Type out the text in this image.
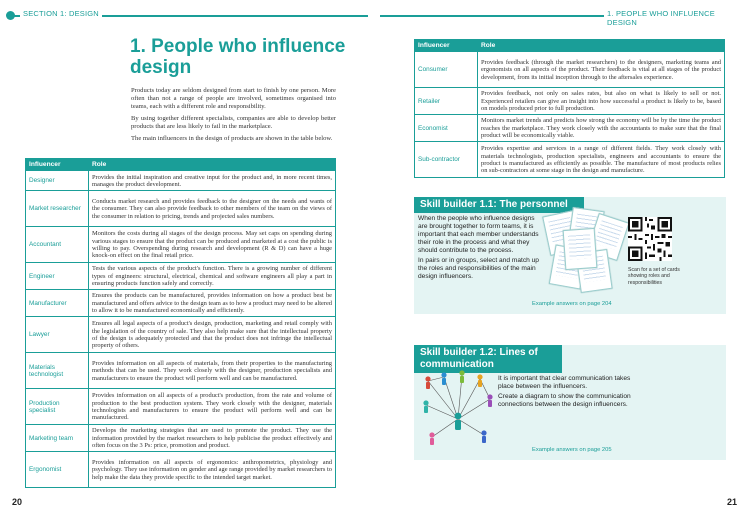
SECTION 1: DESIGN	1. PEOPLE WHO INFLUENCE DESIGN
1. People who influence design

Products today are seldom designed from start to finish by one person. More often than not a range of people are involved, sometimes organised into teams, each with a different role and responsibility.

By using together different specialists, companies are able to develop better products that are less likely to fail in the marketplace.

The main influencers in the design of products are shown in the table below.

Influencer	Role
Designer	Provides the initial inspiration and creative input for the product and, in more recent times, manages the product development.
Market researcher	Conducts market research and provides feedback to the designer on the needs and wants of the consumer. They can also provide feedback to other members of the team on the views of the consumer in relation to pricing, trends and projected sales numbers.
Accountant	Monitors the costs during all stages of the design process. May set caps on spending during various stages to ensure that the product can be produced and marketed at a cost the public is willing to pay. Overspending during research and development (R & D) can have a huge knock-on effect on the final retail price.
Engineer	Tests the various aspects of the product's function. There is a growing number of different types of engineers: structural, electrical, chemical and software engineers all play a part in ensuring products function safely and correctly.
Manufacturer	Ensures the products can be manufactured, provides information on how a product best be manufactured and offers advice to the design team as to how a product may need to be altered to allow it to be manufactured economically and efficiently.
Lawyer	Ensures all legal aspects of a product's design, production, marketing and retail comply with the legislation of the country of sale. They also help make sure that the intellectual property of the design is adequately protected and that the product does not infringe the intellectual property of others.
Materials technologist	Provides information on all aspects of materials, from their properties to the manufacturing methods that can be used. They work closely with the designer, production specialists and manufacturers to ensure the product will perform well and can be manufactured.
Production specialist	Provides information on all aspects of a product's production, from the rate and volume of production to the best production system. They work closely with the designer, materials technologists and manufacturers to ensure the product will perform well and can be manufactured.
Marketing team	Develops the marketing strategies that are used to promote the product. They use the information provided by the market researchers to help publicise the product effectively and often focus on the 3 Ps: price, promotion and product.
Ergonomist	Provides information on all aspects of ergonomics: anthropometrics, physiology and psychology. They use information on gender and age range provided by market researchers to help make the data they provide specific to the intended target market.
Influencer	Role
Consumer	Provides feedback (through the market researchers) to the designers, marketing teams and ergonomists on all aspects of the product. Their feedback is vital at all stages of the product development, from its initial inception through to the aftersales experience.
Retailer	Provides feedback, not only on sales rates, but also on what is likely to sell or not. Experienced retailers can give an insight into how successful a product is likely to be, based on models produced prior to full production.
Economist	Monitors market trends and predicts how strong the economy will be by the time the product reaches the marketplace. They work closely with the accountants to make sure that the final product will be economically viable.
Sub-contractor	Provides expertise and services in a range of different fields. They work closely with materials technologists, production specialists, engineers and accountants to ensure the product is manufactured as efficiently as possible. The manufacture of most products relies on sub-contractors at some stage in the design and manufacture.
Skill builder 1.1: The personnel

When the people who influence designs are brought together to form teams, it is important that each member understands their role in the process and what they should contribute to the process.

In pairs or in groups, select and match up the roles and responsibilities of the main design influencers.

Scan for a set of cards showing roles and responsibilities
Example answers on page 204
Skill builder 1.2: Lines of communication

It is important that clear communication takes place between the influencers.

Create a diagram to show the communication connections between the design influencers.

Example answers on page 205
20	21
